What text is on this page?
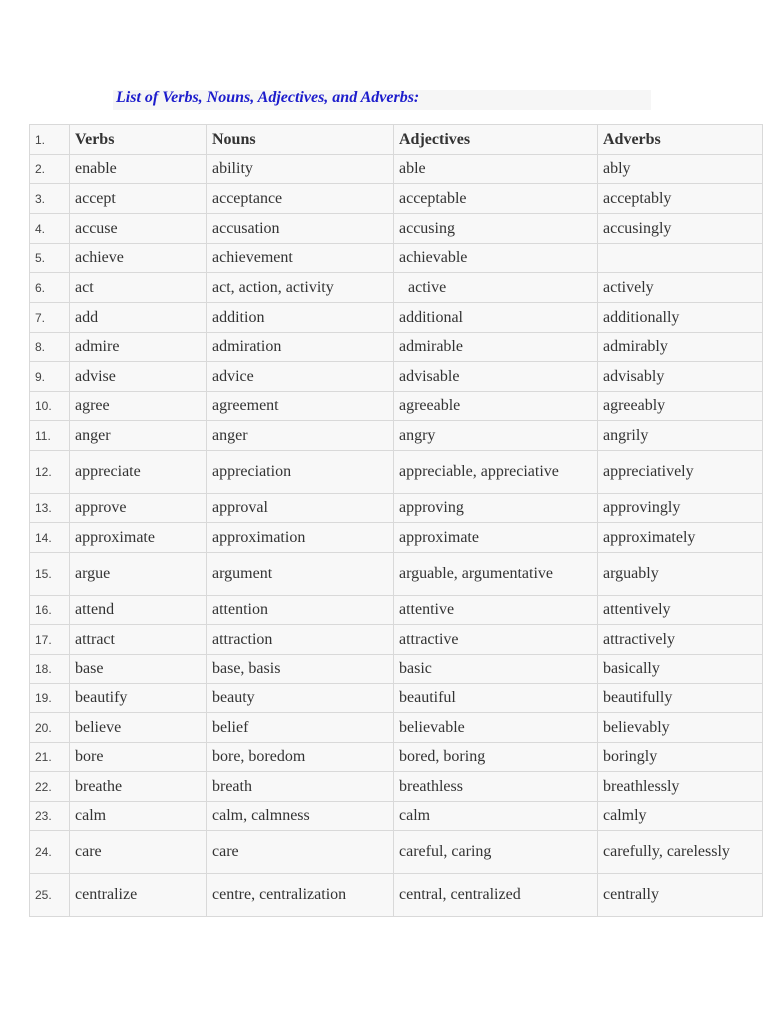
List of Verbs, Nouns, Adjectives, and Adverbs:
1.	Verbs	Nouns	Adjectives	Adverbs
2.	enable	ability	able	ably
3.	accept	acceptance	acceptable	acceptably
4.	accuse	accusation	accusing	accusingly
5.	achieve	achievement	achievable	
6.	act	act, action, activity	active	actively
7.	add	addition	additional	additionally
8.	admire	admiration	admirable	admirably
9.	advise	advice	advisable	advisably
10.	agree	agreement	agreeable	agreeably
11.	anger	anger	angry	angrily
12.	appreciate	appreciation	appreciable, appreciative	appreciatively
13.	approve	approval	approving	approvingly
14.	approximate	approximation	approximate	approximately
15.	argue	argument	arguable, argumentative	arguably
16.	attend	attention	attentive	attentively
17.	attract	attraction	attractive	attractively
18.	base	base, basis	basic	basically
19.	beautify	beauty	beautiful	beautifully
20.	believe	belief	believable	believably
21.	bore	bore, boredom	bored, boring	boringly
22.	breathe	breath	breathless	breathlessly
23.	calm	calm, calmness	calm	calmly
24.	care	care	careful, caring	carefully, carelessly
25.	centralize	centre, centralization	central, centralized	centrally
